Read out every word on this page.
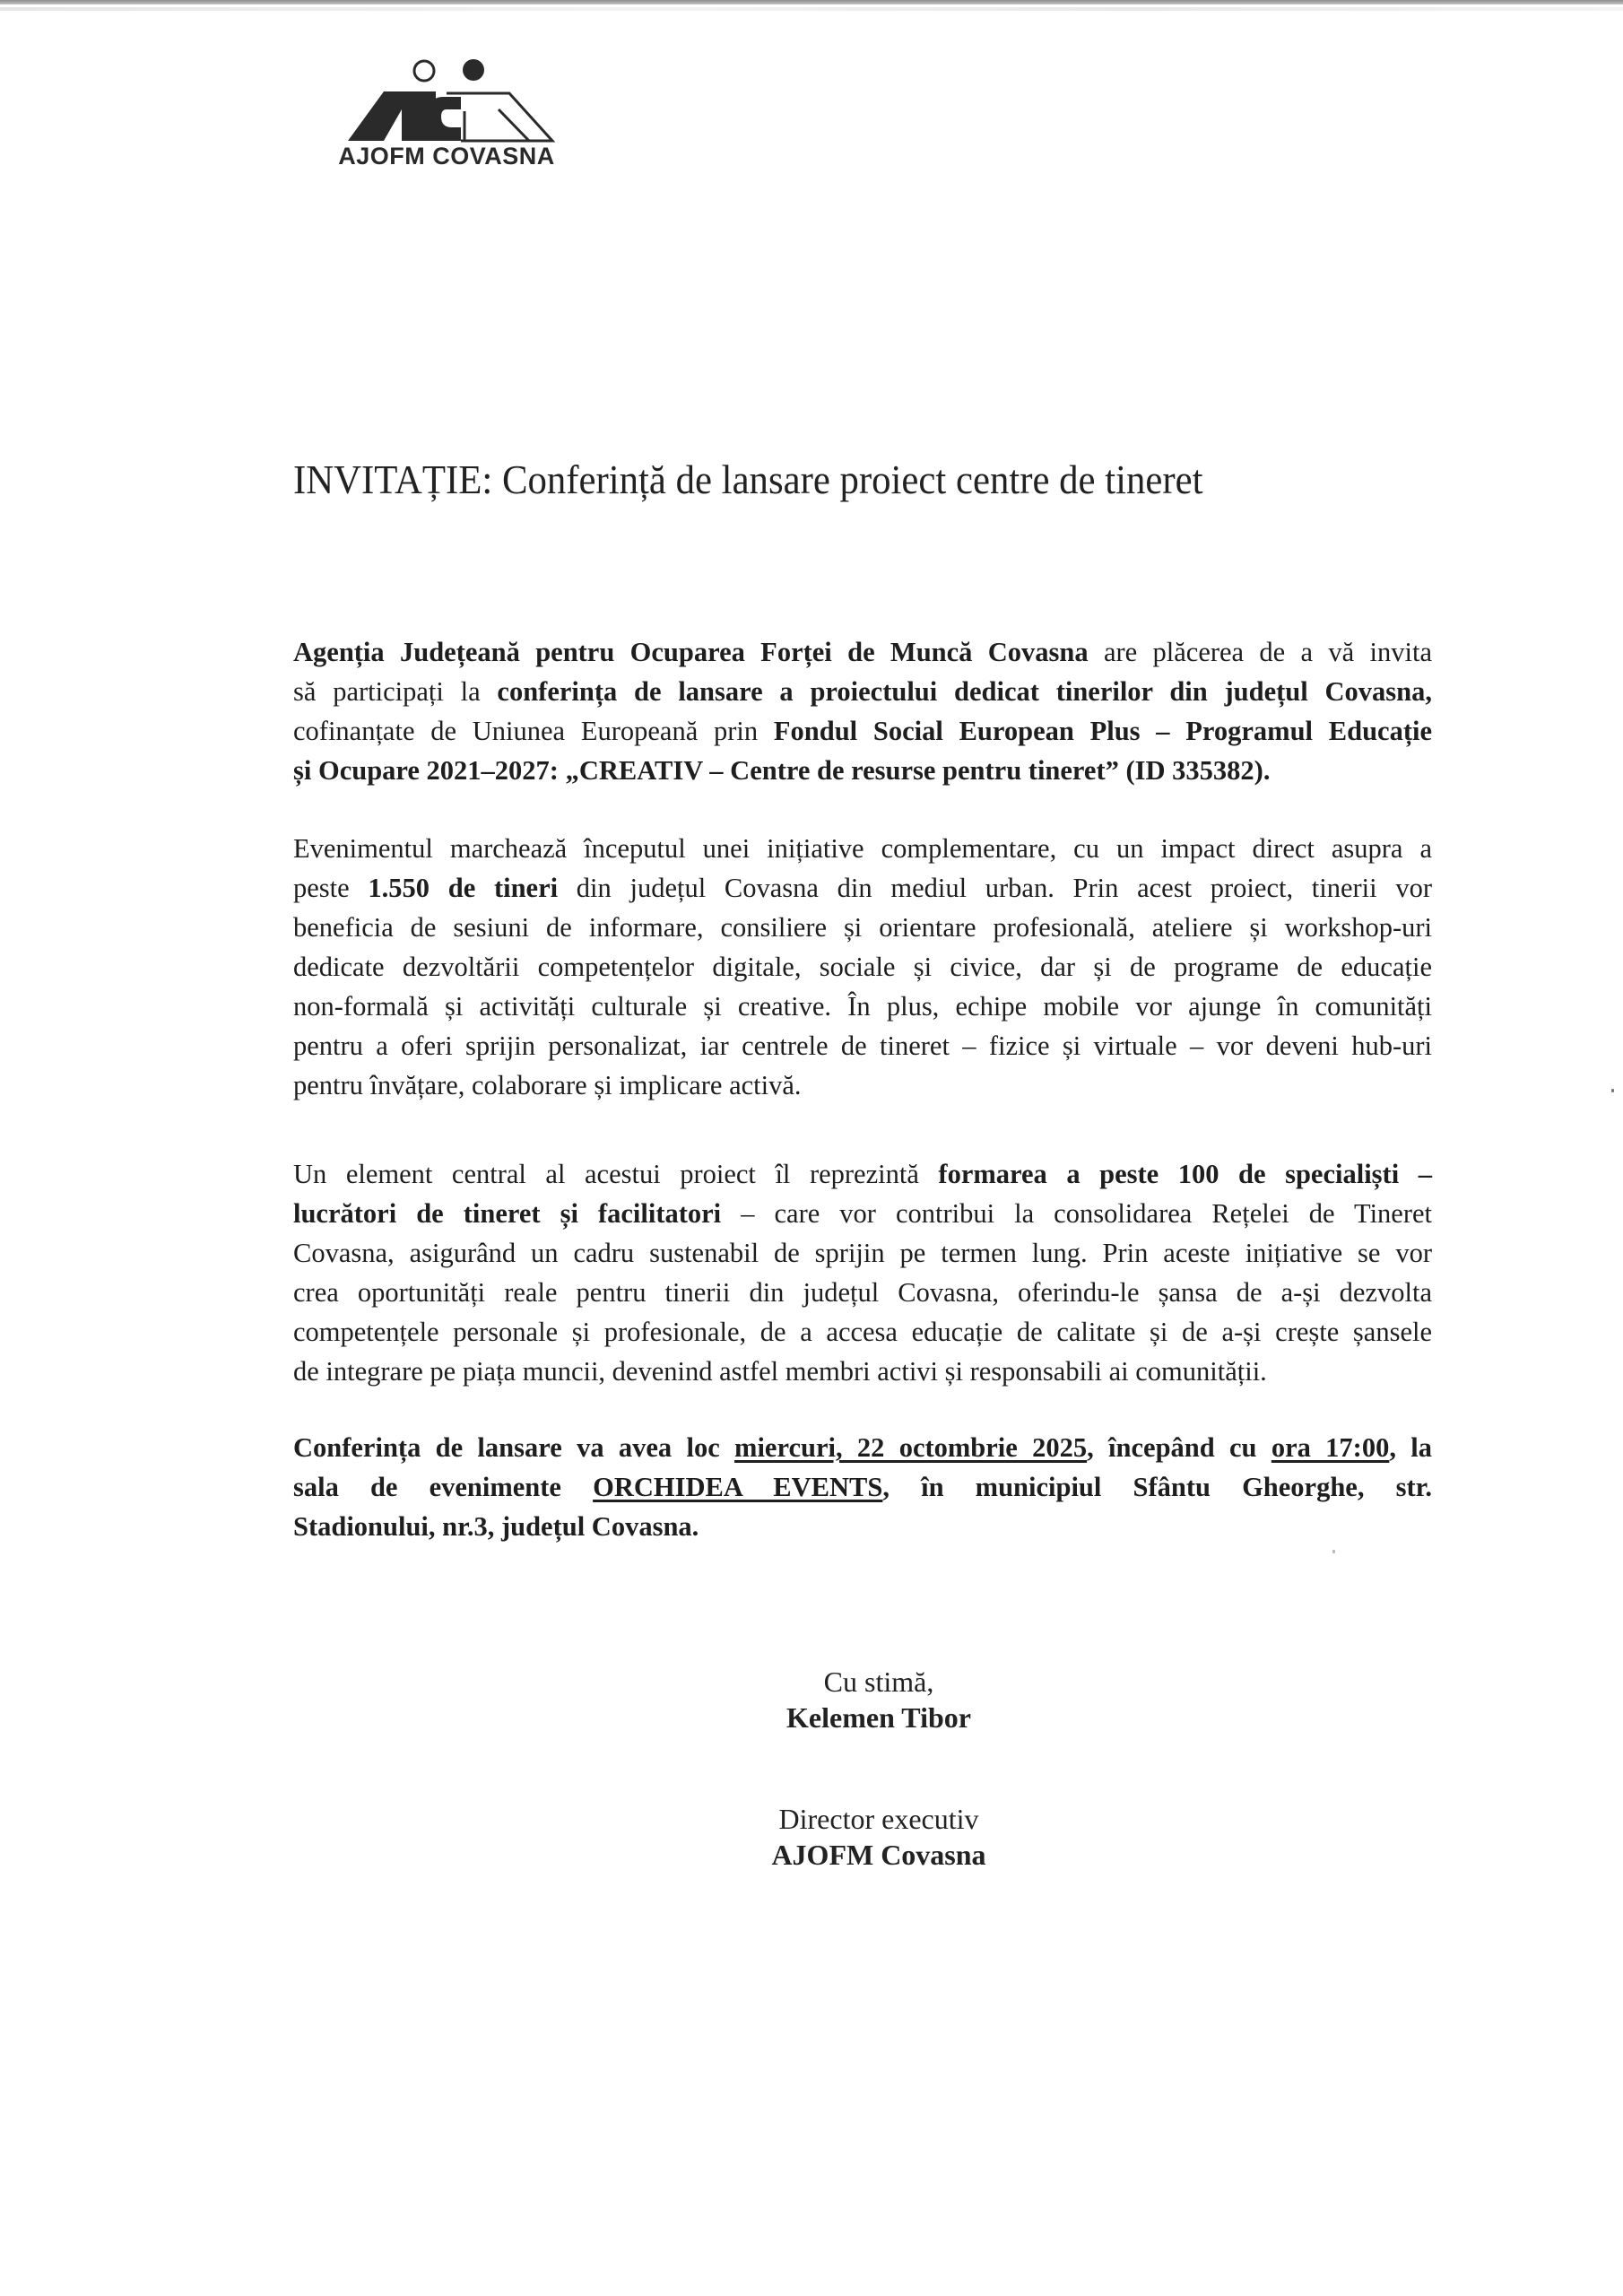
AJOFM COVASNA
INVITAȚIE: Conferință de lansare proiect centre de tineret
Agenția Județeană pentru Ocuparea Forței de Muncă Covasna are plăcerea de a vă invita
să participați la conferința de lansare a proiectului dedicat tinerilor din județul Covasna,
cofinanțate de Uniunea Europeană prin Fondul Social European Plus – Programul Educație
și Ocupare 2021–2027: „CREATIV – Centre de resurse pentru tineret” (ID 335382).
Evenimentul marchează începutul unei inițiative complementare, cu un impact direct asupra a
peste 1.550 de tineri din județul Covasna din mediul urban. Prin acest proiect, tinerii vor
beneficia de sesiuni de informare, consiliere și orientare profesională, ateliere și workshop-uri
dedicate dezvoltării competențelor digitale, sociale și civice, dar și de programe de educație
non-formală și activități culturale și creative. În plus, echipe mobile vor ajunge în comunități
pentru a oferi sprijin personalizat, iar centrele de tineret – fizice și virtuale – vor deveni hub-uri
pentru învățare, colaborare și implicare activă.
Un element central al acestui proiect îl reprezintă formarea a peste 100 de specialiști –
lucrători de tineret și facilitatori – care vor contribui la consolidarea Rețelei de Tineret
Covasna, asigurând un cadru sustenabil de sprijin pe termen lung. Prin aceste inițiative se vor
crea oportunități reale pentru tinerii din județul Covasna, oferindu-le șansa de a-și dezvolta
competențele personale și profesionale, de a accesa educație de calitate și de a-și crește șansele
de integrare pe piața muncii, devenind astfel membri activi și responsabili ai comunității.
Conferința de lansare va avea loc miercuri, 22 octombrie 2025, începând cu ora 17:00, la
sala de evenimente ORCHIDEA EVENTS, în municipiul Sfântu Gheorghe, str.
Stadionului, nr.3, județul Covasna.
Cu stimă,
Kelemen Tibor
Director executiv
AJOFM Covasna
